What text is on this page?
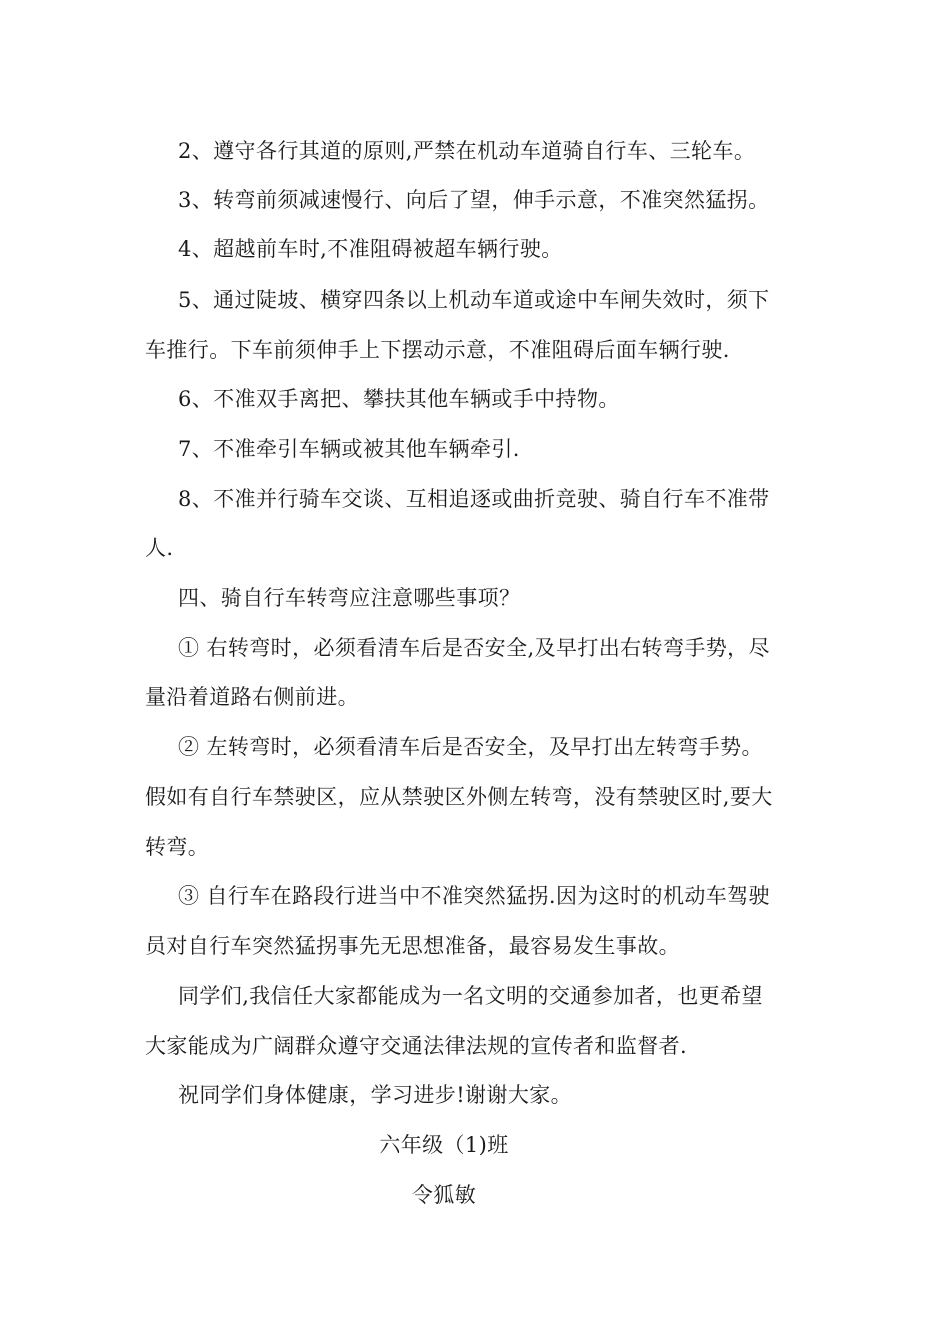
2、遵守各行其道的原则,严禁在机动车道骑自行车、三轮车。
3、转弯前须减速慢行、向后了望，伸手示意，不准突然猛拐。
4、超越前车时,不准阻碍被超车辆行驶。
5、通过陡坡、横穿四条以上机动车道或途中车闸失效时，须下
车推行。下车前须伸手上下摆动示意，不准阻碍后面车辆行驶.
6、不准双手离把、攀扶其他车辆或手中持物。
7、不准牵引车辆或被其他车辆牵引.
8、不准并行骑车交谈、互相追逐或曲折竞驶、骑自行车不准带
人.
四、骑自行车转弯应注意哪些事项？
① 右转弯时，必须看清车后是否安全,及早打出右转弯手势，尽
量沿着道路右侧前进。
② 左转弯时，必须看清车后是否安全，及早打出左转弯手势。
假如有自行车禁驶区，应从禁驶区外侧左转弯，没有禁驶区时,要大
转弯。
③ 自行车在路段行进当中不准突然猛拐.因为这时的机动车驾驶
员对自行车突然猛拐事先无思想准备，最容易发生事故。
同学们,我信任大家都能成为一名文明的交通参加者，也更希望
大家能成为广阔群众遵守交通法律法规的宣传者和监督者.
祝同学们身体健康，学习进步!谢谢大家。
六年级（1)班
令狐敏
